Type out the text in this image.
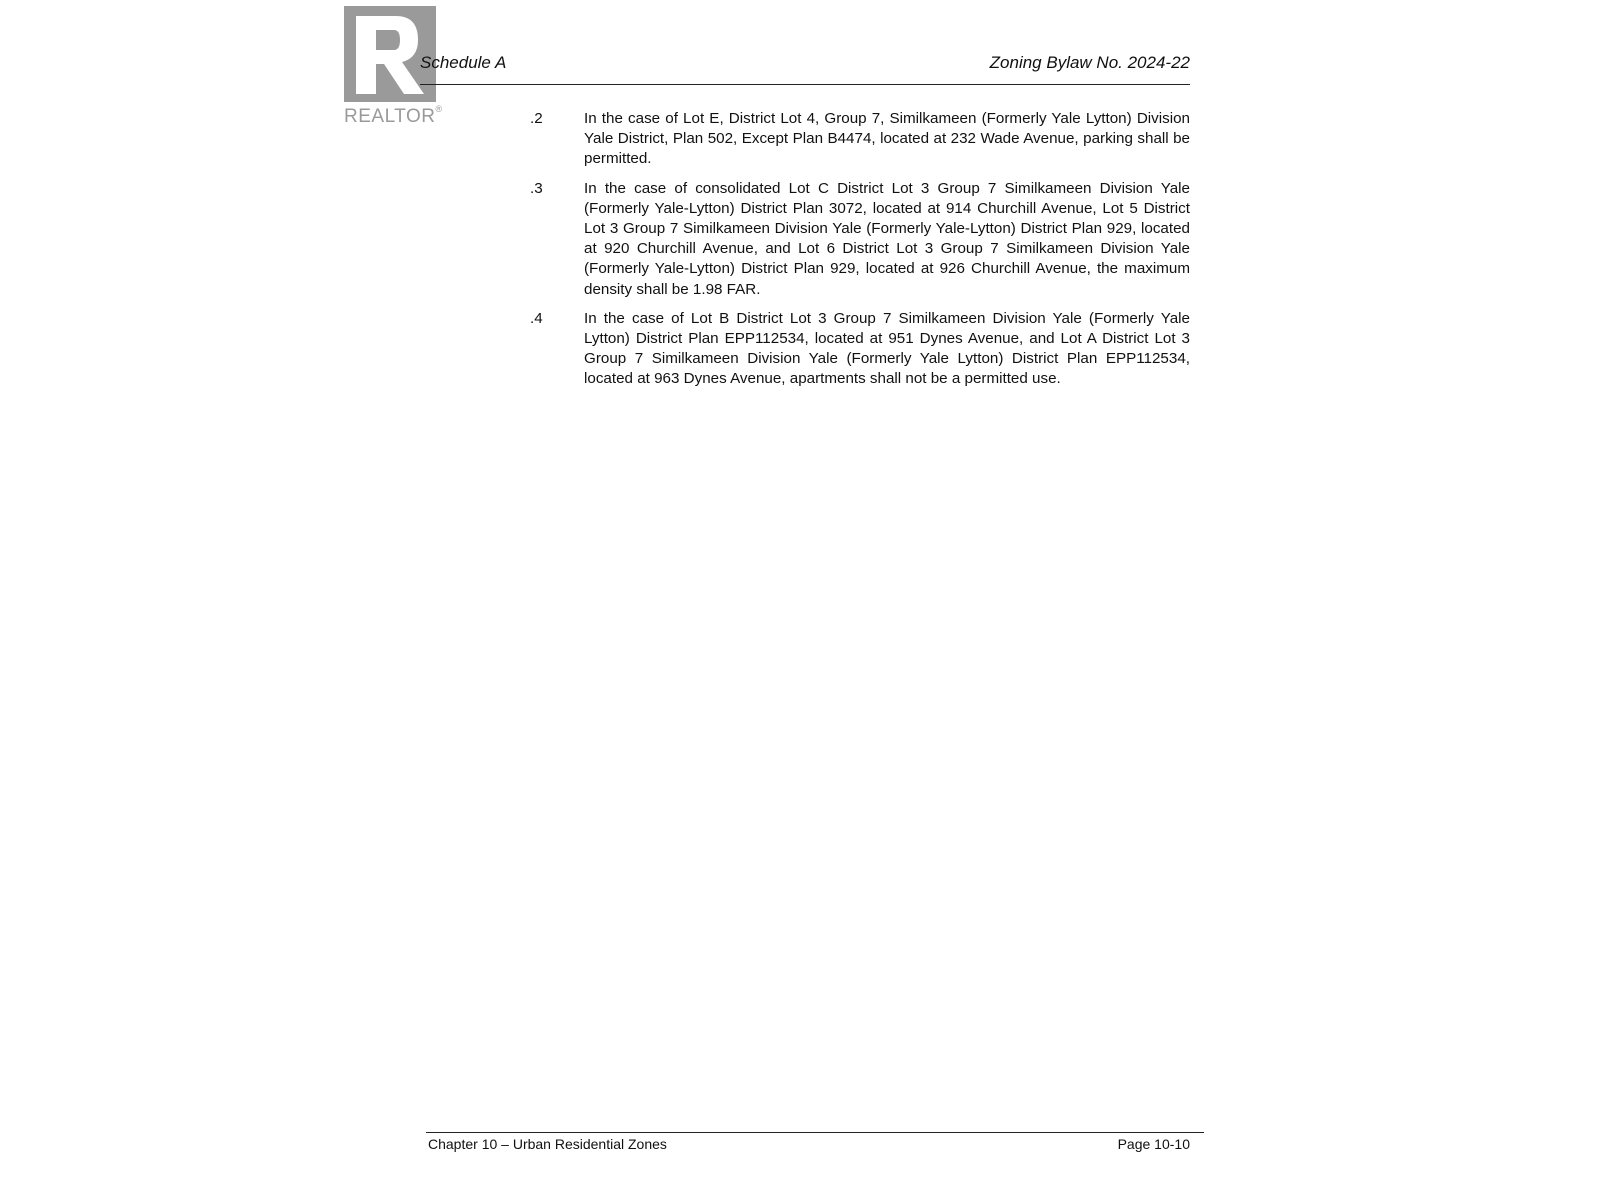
REALTOR®
Schedule A	Zoning Bylaw No. 2024-22
.2	In the case of Lot E, District Lot 4, Group 7, Similkameen (Formerly Yale Lytton) Division Yale District, Plan 502, Except Plan B4474, located at 232 Wade Avenue, parking shall be permitted.
.3	In the case of consolidated Lot C District Lot 3 Group 7 Similkameen Division Yale (Formerly Yale-Lytton) District Plan 3072, located at 914 Churchill Avenue, Lot 5 District Lot 3 Group 7 Similkameen Division Yale (Formerly Yale-Lytton) District Plan 929, located at 920 Churchill Avenue, and Lot 6 District Lot 3 Group 7 Similkameen Division Yale (Formerly Yale-Lytton) District Plan 929, located at 926 Churchill Avenue, the maximum density shall be 1.98 FAR.
.4	In the case of Lot B District Lot 3 Group 7 Similkameen Division Yale (Formerly Yale Lytton) District Plan EPP112534, located at 951 Dynes Avenue, and Lot A District Lot 3 Group 7 Similkameen Division Yale (Formerly Yale Lytton) District Plan EPP112534, located at 963 Dynes Avenue, apartments shall not be a permitted use.
Chapter 10 – Urban Residential Zones	Page 10-10
